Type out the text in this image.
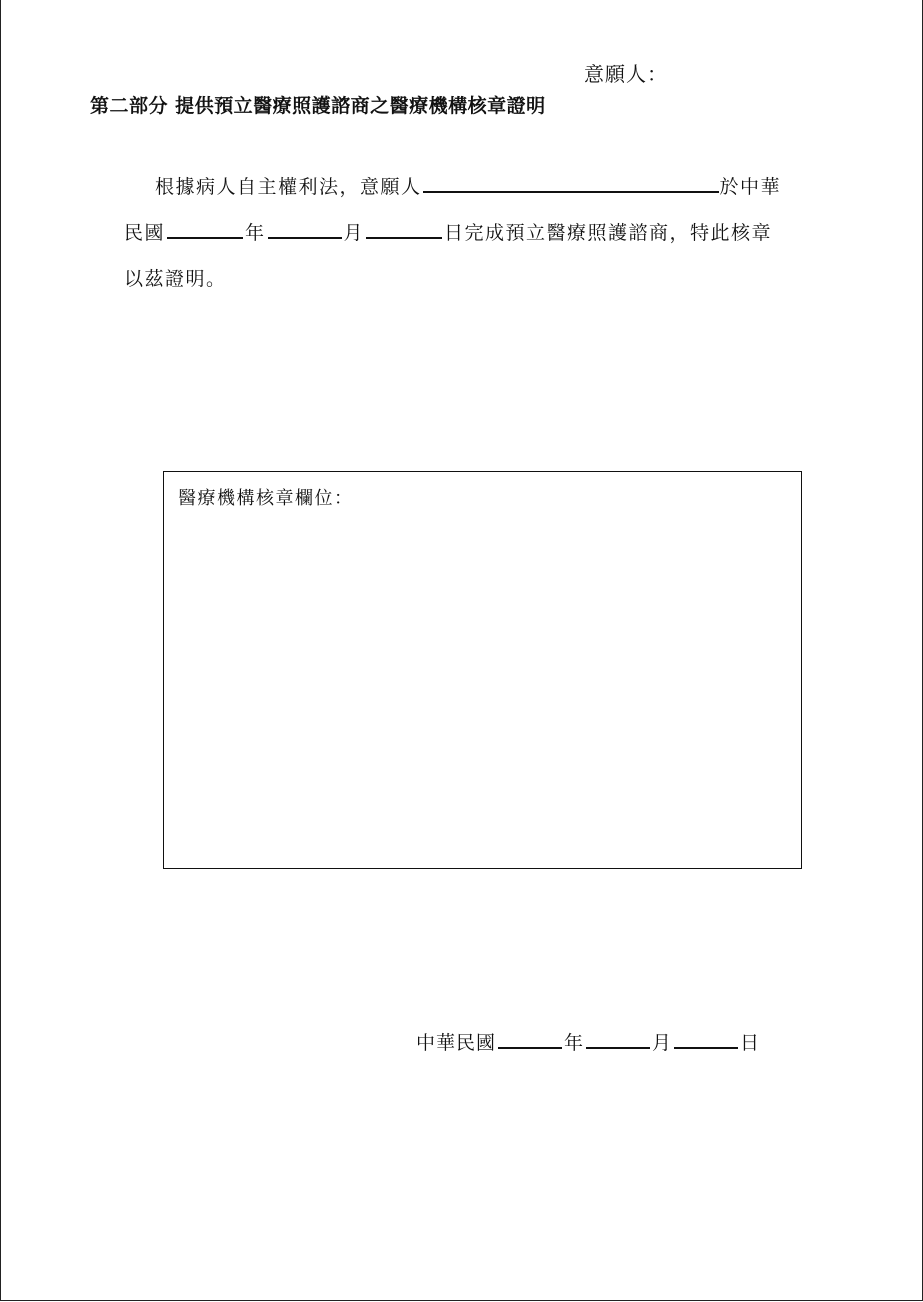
意願人：
第二部分 提供預立醫療照護諮商之醫療機構核章證明
根據病人自主權利法，意願人	於中華
民國	年	月	日完成預立醫療照護諮商，特此核章
以茲證明。
醫療機構核章欄位：
中華民國	年	月	日
